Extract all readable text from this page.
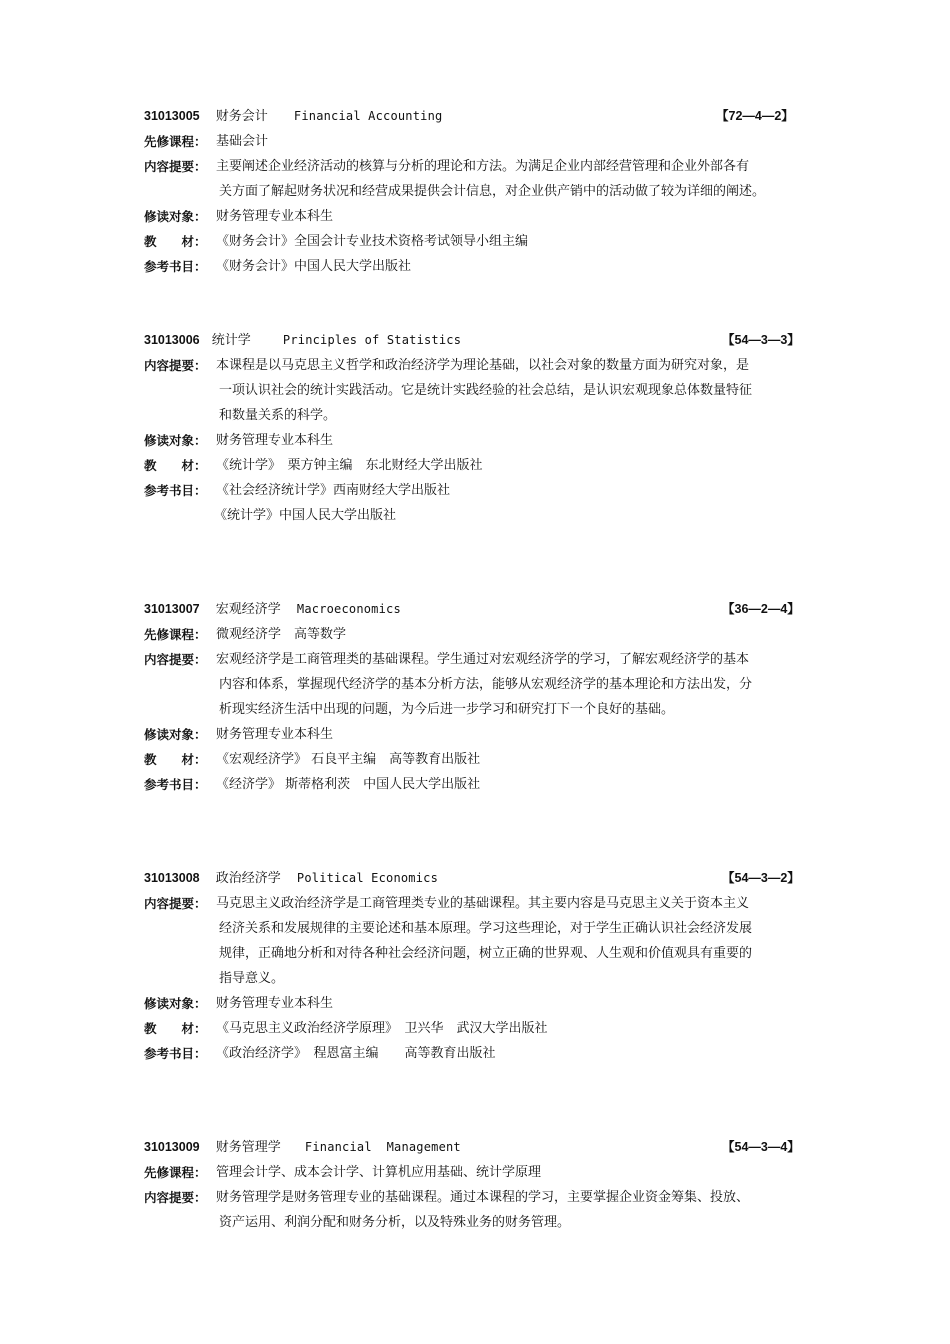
31013005 财务会计 Financial Accounting	【72—4—2】
先修课程： 基础会计
内容提要： 主要阐述企业经济活动的核算与分析的理论和方法。为满足企业内部经营管理和企业外部各有
关方面了解起财务状况和经营成果提供会计信息，对企业供产销中的活动做了较为详细的阐述。
修读对象： 财务管理专业本科生
教　　材： 《财务会计》全国会计专业技术资格考试领导小组主编
参考书目： 《财务会计》中国人民大学出版社
31013006 统计学	Principles of Statistics	【54—3—3】
内容提要： 本课程是以马克思主义哲学和政治经济学为理论基础，以社会对象的数量方面为研究对象，是
一项认识社会的统计实践活动。它是统计实践经验的社会总结，是认识宏观现象总体数量特征
和数量关系的科学。
修读对象： 财务管理专业本科生
教　　材： 《统计学》　栗方钟主编　东北财经大学出版社
参考书目： 《社会经济统计学》西南财经大学出版社
《统计学》中国人民大学出版社
31013007 宏观经济学 Macroeconomics	【36—2—4】
先修课程： 微观经济学　高等数学
内容提要： 宏观经济学是工商管理类的基础课程。学生通过对宏观经济学的学习，了解宏观经济学的基本
内容和体系，掌握现代经济学的基本分析方法，能够从宏观经济学的基本理论和方法出发，分
析现实经济生活中出现的问题，为今后进一步学习和研究打下一个良好的基础。
修读对象： 财务管理专业本科生
教　　材： 《宏观经济学》 石良平主编　高等教育出版社
参考书目： 《经济学》 斯蒂格利茨　中国人民大学出版社
31013008 政治经济学 Political Economics	【54—3—2】
内容提要： 马克思主义政治经济学是工商管理类专业的基础课程。其主要内容是马克思主义关于资本主义
经济关系和发展规律的主要论述和基本原理。学习这些理论，对于学生正确认识社会经济发展
规律，正确地分析和对待各种社会经济问题，树立正确的世界观、人生观和价值观具有重要的
指导意义。
修读对象： 财务管理专业本科生
教　　材： 《马克思主义政治经济学原理》　卫兴华　武汉大学出版社
参考书目： 《政治经济学》　程恩富主编　　高等教育出版社
31013009 财务管理学 Financial  Management	【54—3—4】
先修课程： 管理会计学、成本会计学、计算机应用基础、统计学原理
内容提要： 财务管理学是财务管理专业的基础课程。通过本课程的学习，主要掌握企业资金筹集、投放、
资产运用、利润分配和财务分析，以及特殊业务的财务管理。
